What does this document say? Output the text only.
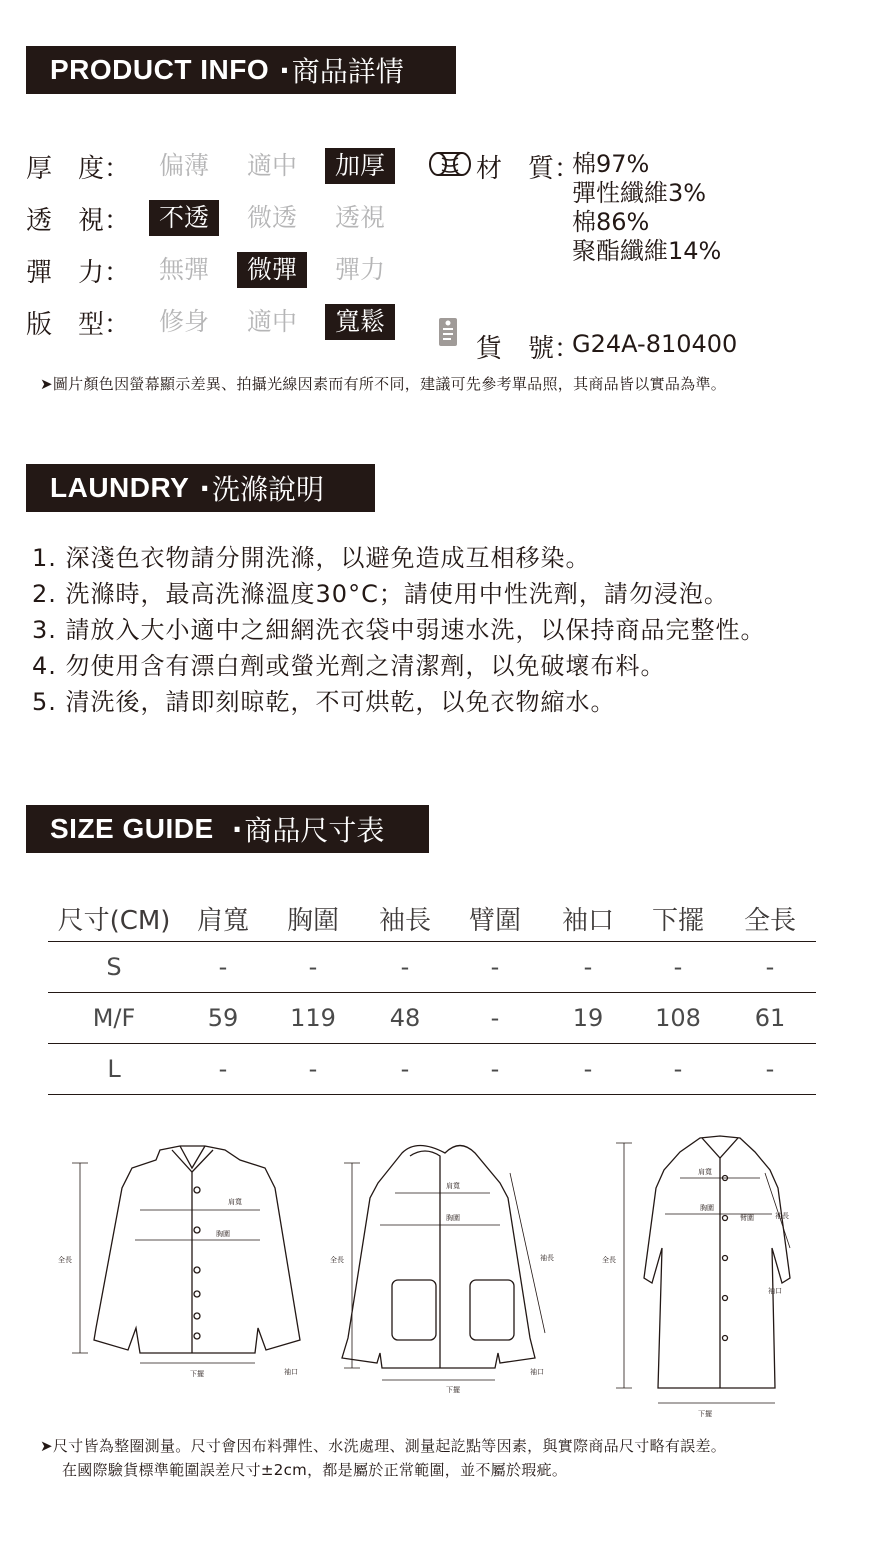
PRODUCT INFO · 商品詳情
厚　度：	偏薄	適中	加厚
透　視：	不透	微透	透視
彈　力：	無彈	微彈	彈力
版　型：	修身	適中	寬鬆
材　質：
棉97%
彈性纖維3%
棉86%
聚酯纖維14%
貨　號：
G24A-810400
➤圖片顏色因螢幕顯示差異、拍攝光線因素而有所不同，建議可先參考單品照，其商品皆以實品為準。
LAUNDRY · 洗滌說明
1. 深淺色衣物請分開洗滌，以避免造成互相移染。
2. 洗滌時，最高洗滌溫度30°C；請使用中性洗劑，請勿浸泡。
3. 請放入大小適中之細網洗衣袋中弱速水洗，以保持商品完整性。
4. 勿使用含有漂白劑或螢光劑之清潔劑，以免破壞布料。
5. 清洗後，請即刻晾乾，不可烘乾，以免衣物縮水。
SIZE GUIDE · 商品尺寸表
尺寸(CM)	肩寬	胸圍	袖長	臂圍	袖口	下擺	全長
S	-	-	-	-	-	-	-
M/F	59	119	48	-	19	108	61
L	-	-	-	-	-	-	-
肩寬
胸圍
全長
下擺	袖口
肩寬
胸圍
全長	袖長
下擺
袖口
肩寬
胸圍
全長
袖長
臂圍
袖口
下擺
➤尺寸皆為整圈測量。尺寸會因布料彈性、水洗處理、測量起訖點等因素，與實際商品尺寸略有誤差。
在國際驗貨標準範圍誤差尺寸±2cm，都是屬於正常範圍，並不屬於瑕疵。
